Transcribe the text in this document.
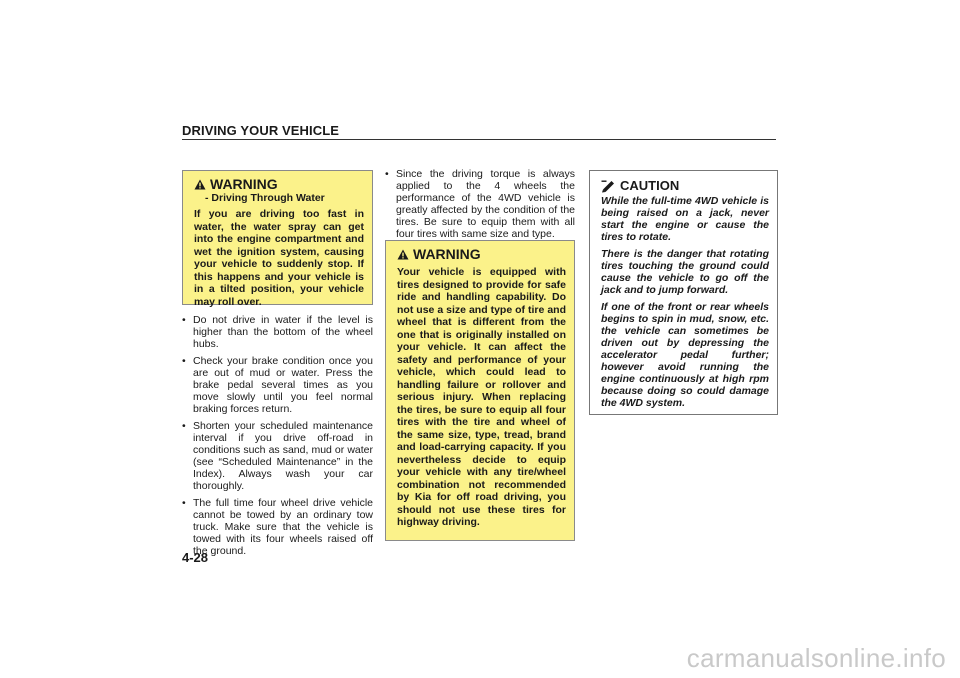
DRIVING YOUR VEHICLE
WARNING
- Driving Through Water

If you are driving too fast in water, the water spray can get into the engine compartment and wet the ignition system, causing your vehicle to suddenly stop. If this happens and your vehicle is in a tilted position, your vehicle may roll over.

• Do not drive in water if the level is higher than the bottom of the wheel hubs.
• Check your brake condition once you are out of mud or water. Press the brake pedal several times as you move slowly until you feel normal braking forces return.
• Shorten your scheduled maintenance interval if you drive off-road in conditions such as sand, mud or water (see “Scheduled Maintenance” in the Index). Always wash your car thoroughly.
• The full time four wheel drive vehicle cannot be towed by an ordinary tow truck. Make sure that the vehicle is towed with its four wheels raised off the ground.
• Since the driving torque is always applied to the 4 wheels the performance of the 4WD vehicle is greatly affected by the condition of the tires. Be sure to equip them with all four tires with same size and type.
WARNING

Your vehicle is equipped with tires designed to provide for safe ride and handling capability. Do not use a size and type of tire and wheel that is different from the one that is originally installed on your vehicle. It can affect the safety and performance of your vehicle, which could lead to handling failure or rollover and serious injury. When replacing the tires, be sure to equip all four tires with the tire and wheel of the same size, type, tread, brand and load-carrying capacity. If you nevertheless decide to equip your vehicle with any tire/wheel combination not recommended by Kia for off road driving, you should not use these tires for highway driving.

CAUTION

While the full-time 4WD vehicle is being raised on a jack, never start the engine or cause the tires to rotate.

There is the danger that rotating tires touching the ground could cause the vehicle to go off the jack and to jump forward.

If one of the front or rear wheels begins to spin in mud, snow, etc. the vehicle can sometimes be driven out by depressing the accelerator pedal further; however avoid running the engine continuously at high rpm because doing so could damage the 4WD system.

4-28
carmanualsonline.info
